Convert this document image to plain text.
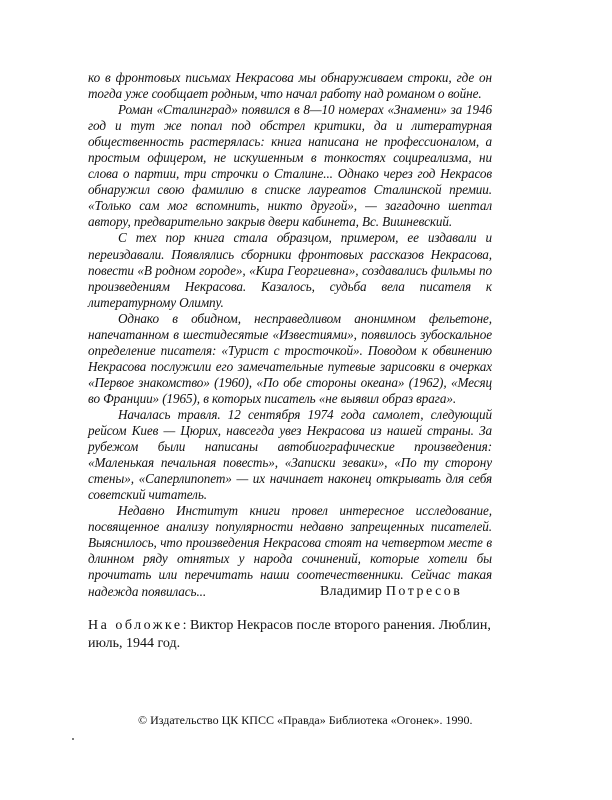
ко в фронтовых письмах Некрасова мы обнаруживаем строки, где он тогда уже сообщает родным, что начал работу над романом о войне.

Роман «Сталинград» появился в 8—10 номерах «Знамени» за 1946 год и тут же попал под обстрел критики, да и литературная общественность растерялась: книга написана не профессионалом, а простым офицером, не искушенным в тонкостях социреализма, ни слова о партии, три строчки о Сталине... Однако через год Некрасов обнаружил свою фамилию в списке лауреатов Сталинской премии. «Только сам мог вспомнить, никто другой», — загадочно шептал автору, предварительно закрыв двери кабинета, Вс. Вишневский.

С тех пор книга стала образцом, примером, ее издавали и переиздавали. Появлялись сборники фронтовых рассказов Некрасова, повести «В родном городе», «Кира Георгиевна», создавались фильмы по произведениям Некрасова. Казалось, судьба вела писателя к литературному Олимпу.

Однако в обидном, несправедливом анонимном фельетоне, напечатанном в шестидесятые «Известиями», появилось зубоскальное определение писателя: «Турист с тросточкой». Поводом к обвинению Некрасова послужили его замечательные путевые зарисовки в очерках «Первое знакомство» (1960), «По обе стороны океана» (1962), «Месяц во Франции» (1965), в которых писатель «не выявил образ врага».

Началась травля. 12 сентября 1974 года самолет, следующий рейсом Киев — Цюрих, навсегда увез Некрасова из нашей страны. За рубежом были написаны автобиографические произведения: «Маленькая печальная повесть», «Записки зеваки», «По ту сторону стены», «Саперлипопет» — их начинает наконец открывать для себя советский читатель.

Недавно Институт книги провел интересное исследование, посвященное анализу популярности недавно запрещенных писателей. Выяснилось, что произведения Некрасова стоят на четвертом месте в длинном ряду отнятых у народа сочинений, которые хотели бы прочитать или перечитать наши соотечественники. Сейчас такая надежда появилась...	Владимир Потресов
На обложке: Виктор Некрасов после второго ранения. Люблин, июль, 1944 год.
© Издательство ЦК КПСС «Правда» Библиотека «Огонек». 1990.
